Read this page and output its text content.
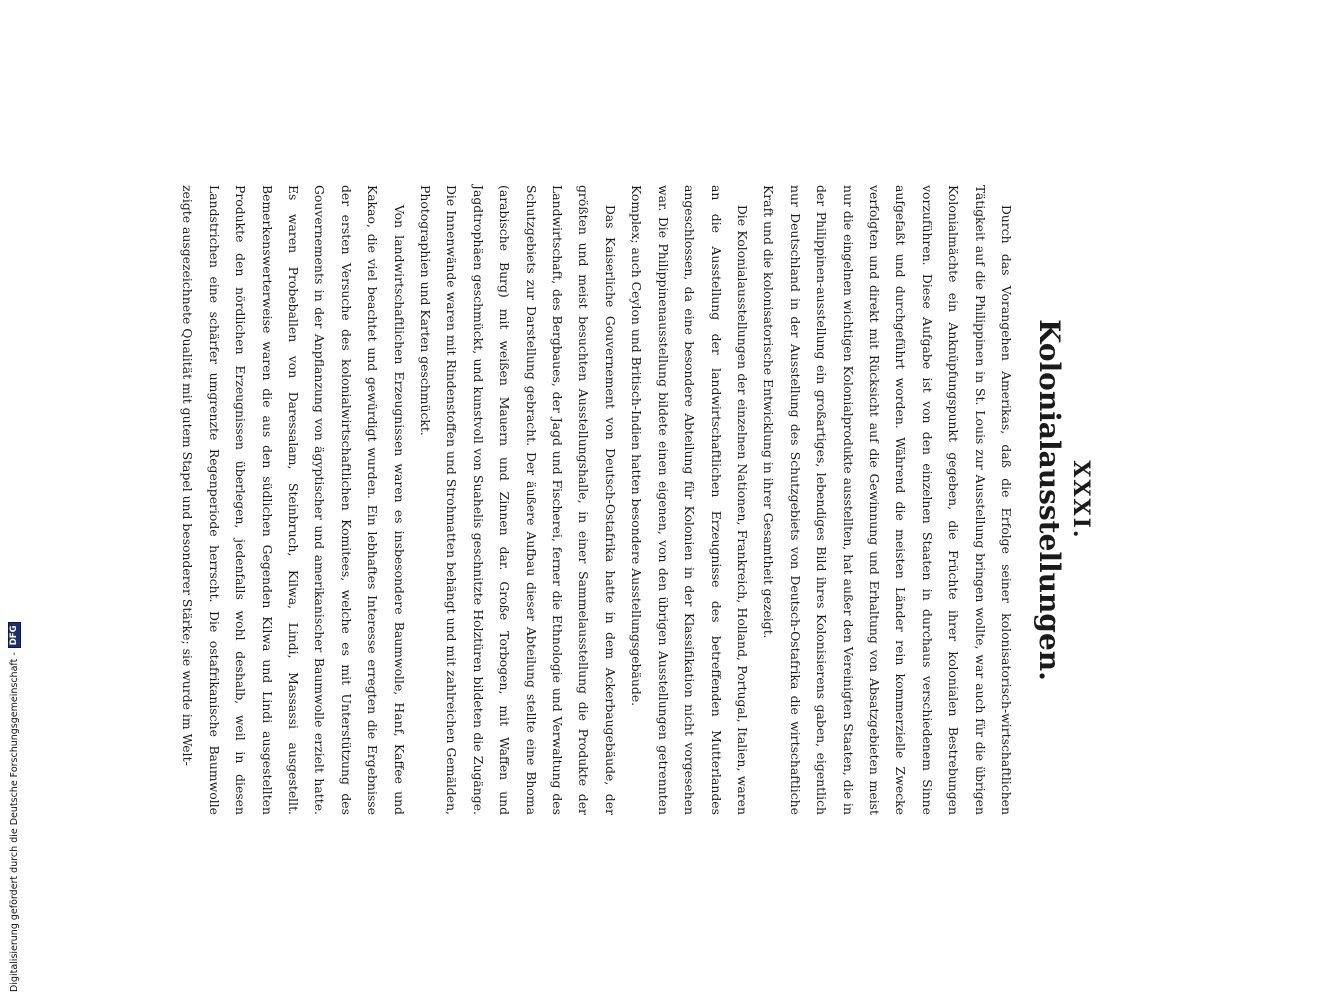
XXXI.
Kolonialausstellungen.

Durch das Vorangehen Amerikas, daß die Erfolge seiner kolonisatorisch-wirtschaftlichen Tätigkeit auf die Philippinen in St. Louis zur Ausstellung bringen wollte, war auch für die übrigen Kolonialmächte ein Anknüpfungspunkt gegeben, die Früchte ihrer kolonialen Bestrebungen vorzuführen. Diese Aufgabe ist von den einzelnen Staaten in durchaus verschiedenem Sinne aufgefaßt und durchgeführt worden. Während die meisten Länder rein kommerzielle Zwecke verfolgten und direkt mit Rücksicht auf die Gewinnung und Erhaltung von Absatzgebieten meist nur die eingelnen wichtigen Kolonialprodukte ausstellten, hat außer den Vereinigten Staaten, die in der Philippinen-ausstellung ein großartiges, lebendiges Bild ihres Kolonisierens gaben, eigentlich nur Deutschland in der Ausstellung des Schutzgebiets von Deutsch-Ostafrika die wirtschaftliche Kraft und die kolonisatorische Entwicklung in ihrer Gesamtheit gezeigt.

Die Kolonialausstellungen der einzelnen Nationen, Frankreich, Holland, Portugal, Italien, waren an die Ausstellung der landwirtschaftlichen Erzeugnisse des betreffenden Mutterlandes angeschlossen, da eine besondere Abteilung für Kolonien in der Klassifikation nicht vorgesehen war. Die Philippinenausstellung bildete einen eigenen, von den übrigen Ausstellungen getrennten Komplex; auch Ceylon und Britisch-Indien hatten besondere Ausstellungsgebäude.

Das Kaiserliche Gouvernement von Deutsch-Ostafrika hatte in dem Ackerbaugebäude, der größten und meist besuchten Ausstellungshalle, in einer Sammelausstellung die Produkte der Landwirtschaft, des Bergbaues, der Jagd und Fischerei, ferner die Ethnologie und Verwaltung des Schutzgebiets zur Darstellung gebracht. Der äußere Aufbau dieser Abteilung stellte eine Bhoma (arabische Burg) mit weißen Mauern und Zinnen dar. Große Torbogen, mit Waffen und Jagdtrophäen geschmückt, und kunstvoll von Suahelis geschnitzte Holztüren bildeten die Zugänge. Die Innenwände waren mit Rindenstoffen und Strohmatten behängt und mit zahlreichen Gemälden, Photographien und Karten geschmückt.

Von landwirtschaftlichen Erzeugnissen waren es insbesondere Baumwolle, Hanf, Kaffee und Kakao, die viel beachtet und gewürdigt wurden. Ein lebhaftes Interesse erregten die Ergebnisse der ersten Versuche des kolonialwirtschaftlichen Komitees, welche es mit Unterstützung des Gouvernements in der Anpflanzung von ägyptischer und amerikanischer Baumwolle erzielt hatte. Es waren Probeballen von Daressalam, Steinbruch, Kilwa, Lindi, Massassi ausgestellt. Bemerkenswerterweise waren die aus den südlichen Gegenden Kilwa und Lindi ausgestellten Produkte den nördlichen Erzeugnissen überlegen, jedenfalls wohl deshalb, weil in diesen Landstrichen eine schärfer umgrenzte Regenperiode herrscht. Die ostafrikanische Baumwolle zeigte ausgezeichnete Qualität mit gutem Stapel und besonderer Stärke; sie wurde im Welt-

Digitalisierung gefördert durch die Deutsche Forschungsgemeinschaft -
DFG
